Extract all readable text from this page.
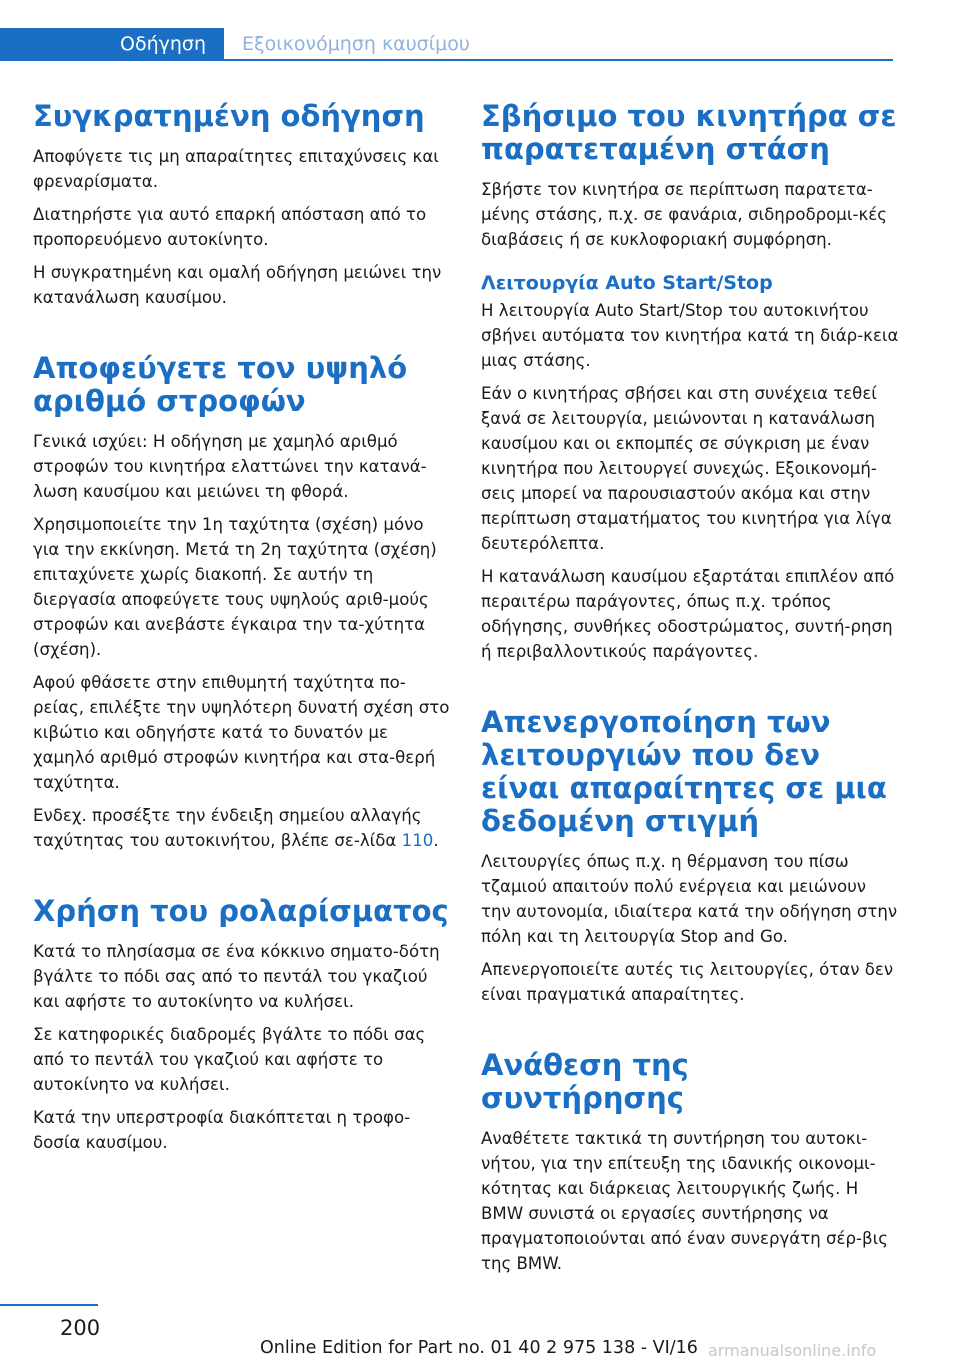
Οδήγηση	Εξοικονόμηση καυσίμου
Συγκρατημένη οδήγηση

Αποφύγετε τις μη απαραίτητες επιταχύνσεις και φρεναρίσματα.

Διατηρήστε για αυτό επαρκή απόσταση από το προπορευόμενο αυτοκίνητο.

Η συγκρατημένη και ομαλή οδήγηση μειώνει την κατανάλωση καυσίμου.

Αποφεύγετε τον υψηλό αριθμό στροφών

Γενικά ισχύει: Η οδήγηση με χαμηλό αριθμό στροφών του κινητήρα ελαττώνει την κατανά‐λωση καυσίμου και μειώνει τη φθορά.

Χρησιμοποιείτε την 1η ταχύτητα (σχέση) μόνο για την εκκίνηση. Μετά τη 2η ταχύτητα (σχέση) επιταχύνετε χωρίς διακοπή. Σε αυτήν τη διεργασία αποφεύγετε τους υψηλούς αριθ‐μούς στροφών και ανεβάστε έγκαιρα την τα‐χύτητα (σχέση).

Αφού φθάσετε στην επιθυμητή ταχύτητα πο‐ρείας, επιλέξτε την υψηλότερη δυνατή σχέση στο κιβώτιο και οδηγήστε κατά το δυνατόν με χαμηλό αριθμό στροφών κινητήρα και στα‐θερή ταχύτητα.

Ενδεχ. προσέξτε την ένδειξη σημείου αλλαγής ταχύτητας του αυτοκινήτου, βλέπε σε‐λίδα 110.

Χρήση του ρολαρίσματος

Κατά το πλησίασμα σε ένα κόκκινο σηματο‐δότη βγάλτε το πόδι σας από το πεντάλ του γκαζιού και αφήστε το αυτοκίνητο να κυλήσει.

Σε κατηφορικές διαδρομές βγάλτε το πόδι σας από το πεντάλ του γκαζιού και αφήστε το αυτοκίνητο να κυλήσει.

Κατά την υπερστροφία διακόπτεται η τροφο‐δοσία καυσίμου.

Σβήσιμο του κινητήρα σε παρατεταμένη στάση

Σβήστε τον κινητήρα σε περίπτωση παρατετα‐μένης στάσης, π.χ. σε φανάρια, σιδηροδρομι‐κές διαβάσεις ή σε κυκλοφοριακή συμφόρηση.

Λειτουργία Auto Start/Stop

Η λειτουργία Auto Start/Stop του αυτοκινήτου σβήνει αυτόματα τον κινητήρα κατά τη διάρ‐κεια μιας στάσης.

Εάν ο κινητήρας σβήσει και στη συνέχεια τεθεί ξανά σε λειτουργία, μειώνονται η κατανάλωση καυσίμου και οι εκπομπές σε σύγκριση με έναν κινητήρα που λειτουργεί συνεχώς. Εξοικονομή‐σεις μπορεί να παρουσιαστούν ακόμα και στην περίπτωση σταματήματος του κινητήρα για λίγα δευτερόλεπτα.

Η κατανάλωση καυσίμου εξαρτάται επιπλέον από περαιτέρω παράγοντες, όπως π.χ. τρόπος οδήγησης, συνθήκες οδοστρώματος, συντή‐ρηση ή περιβαλλοντικούς παράγοντες.

Απενεργοποίηση των λειτουργιών που δεν είναι απαραίτητες σε μια δεδομένη στιγμή

Λειτουργίες όπως π.χ. η θέρμανση του πίσω τζαμιού απαιτούν πολύ ενέργεια και μειώνουν την αυτονομία, ιδιαίτερα κατά την οδήγηση στην πόλη και τη λειτουργία Stop and Go.

Απενεργοποιείτε αυτές τις λειτουργίες, όταν δεν είναι πραγματικά απαραίτητες.

Ανάθεση της συντήρησης

Αναθέτετε τακτικά τη συντήρηση του αυτοκι‐νήτου, για την επίτευξη της ιδανικής οικονομι‐κότητας και διάρκειας λειτουργικής ζωής. Η BMW συνιστά οι εργασίες συντήρησης να πραγματοποιούνται από έναν συνεργάτη σέρ‐βις της BMW.

200
Online Edition for Part no. 01 40 2 975 138 - VI/16 armanualsonline.info
